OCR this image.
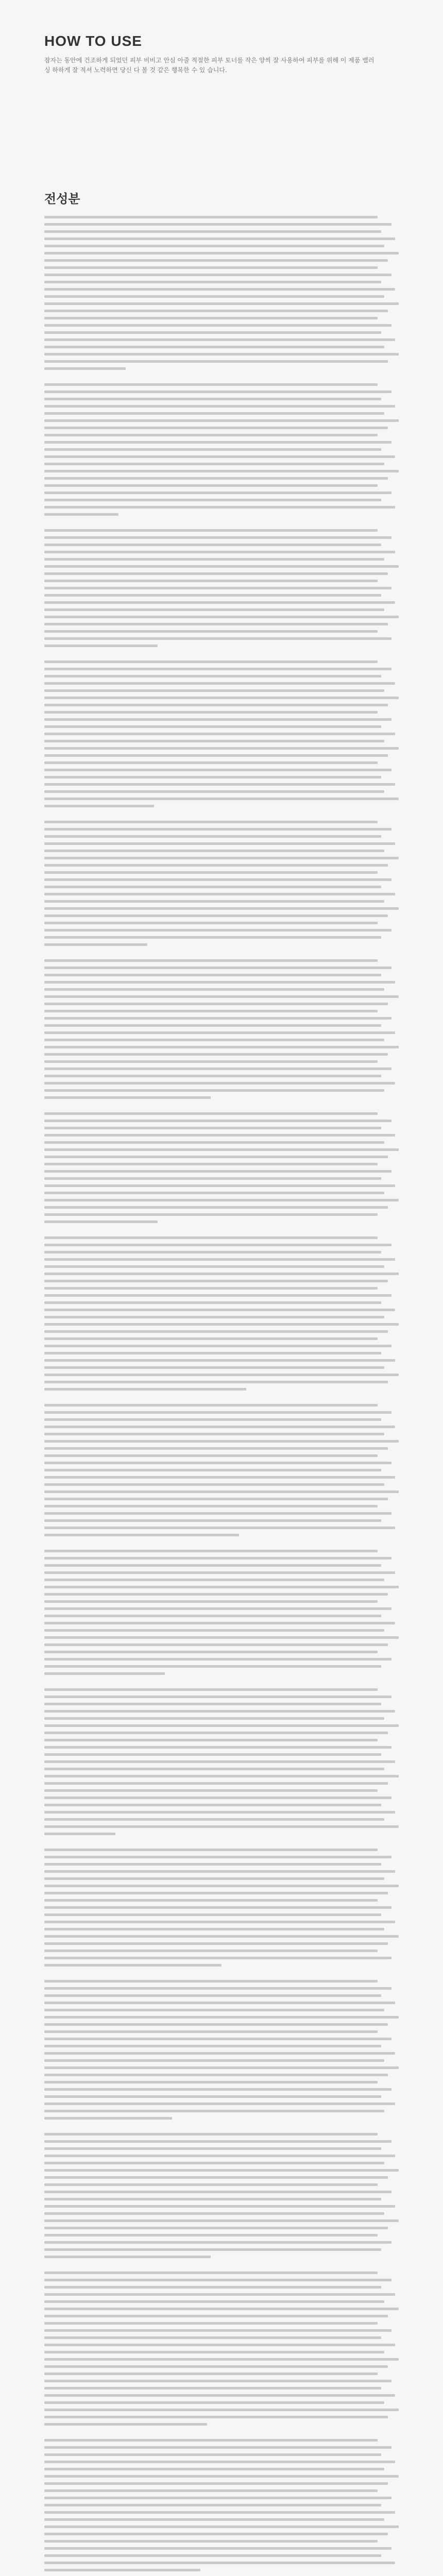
HOW TO USE

잠자는 동안에 건조하게 되었던 피부 비비고 안심 아줄 적절한 피부 토너를 작은 양씩 잘 사용하여 피부를 위해 이 제품 밸러싱 하하게 잘 적셔 노력하면 당신 다 볼 것 같은 행복한 수 있 습니다.

전성분
